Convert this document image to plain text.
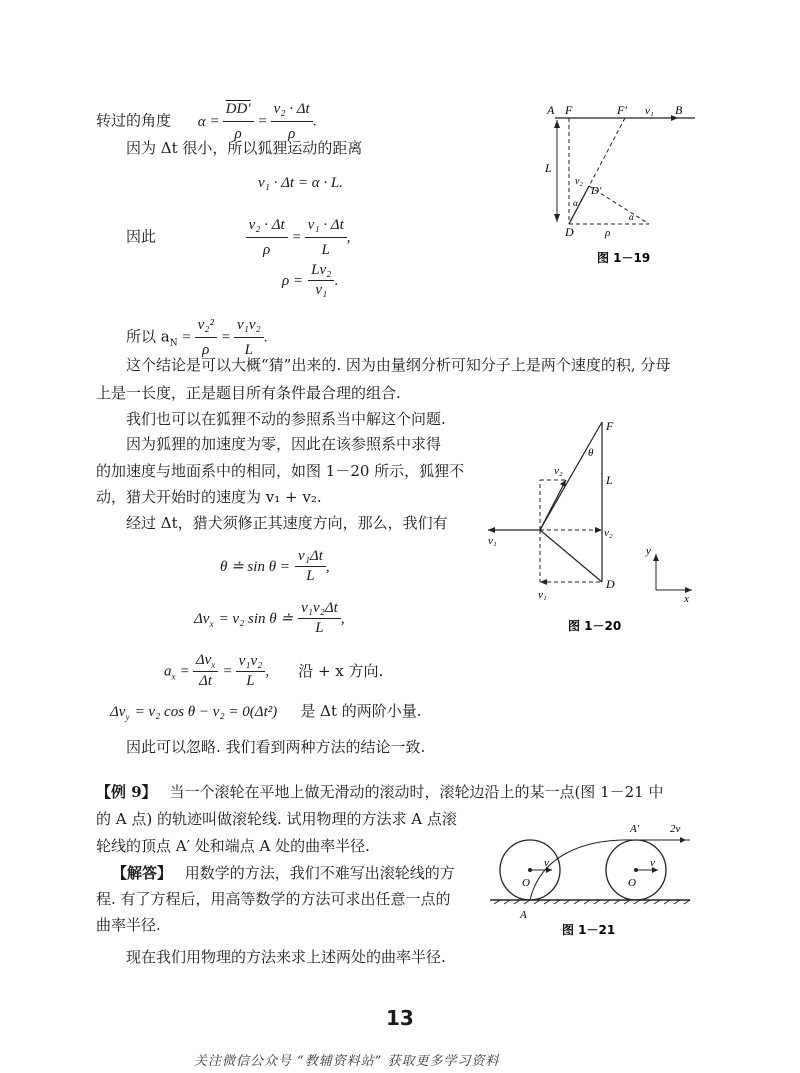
转过的角度 $\alpha = \frac{DD'}{\rho} = \frac{\text{v₂ · Δt}}{\rho}$ .
因为 Δt 很小，所以狐狸运动的距离
v₁ · Δt = α · L.
因此	$\frac{\text{v₂ · Δt}}{\rho} = \frac{\text{v₁ · Δt}}{L}$ ,
$\rho = \frac{\text{Lv₂}}{\text{v₁}}$ .
所以 $a_N = \frac{\text{v₂²}}{\rho} = \frac{\text{v₁v₂}}{L}$ .
这个结论是可以大概“猜”出来的. 因为由量纲分析可知分子上是两个速度的积, 分母
上是一长度，正是题目所有条件最合理的组合.
我们也可以在狐狸不动的参照系当中解这个问题.
因为狐狸的加速度为零，因此在该参照系中求得
的加速度与地面系中的相同，如图 1－20 所示，狐狸不
动，猎犬开始时的速度为 v₁ + v₂.
经过 Δt，猎犬须修正其速度方向，那么，我们有
θ ≐ $\sin \theta = \frac{\text{v₁Δt}}{L}$ ,
$\Delta v_x = v_2$ sin θ ≐ $\frac{\text{v₁v₂Δt}}{L}$ ,
$a_x = \frac{\Delta v_x}{\Delta t} = \frac{\text{v₁v₂}}{L}$ , 沿 + x 方向.
$\Delta v_y = v_2$ cos θ − v₂ = 0(Δt²) 是 Δt 的两阶小量.
因此可以忽略. 我们看到两种方法的结论一致.
【例 9】 当一个滚轮在平地上做无滑动的滚动时，滚轮边沿上的某一点(图 1－21 中
的 A 点) 的轨迹叫做滚轮线. 试用物理的方法求 A 点滚
轮线的顶点 A′ 处和端点 A 处的曲率半径.
【解答】 用数学的方法，我们不难写出滚轮线的方
程. 有了方程后，用高等数学的方法可求出任意一点的
曲率半径.
现在我们用物理的方法来求上述两处的曲率半径.
A F	F′ v₁ B
L
v₂
D′
α
α
D	ρ
图 1－19
F
θ
v₂
L
v₁
v₂
D
v₁
y
x
图 1－20
A′	2v
v
O
v
O
A
图 1－21
13
关注微信公众号 “教辅资料站” 获取更多学习资料
